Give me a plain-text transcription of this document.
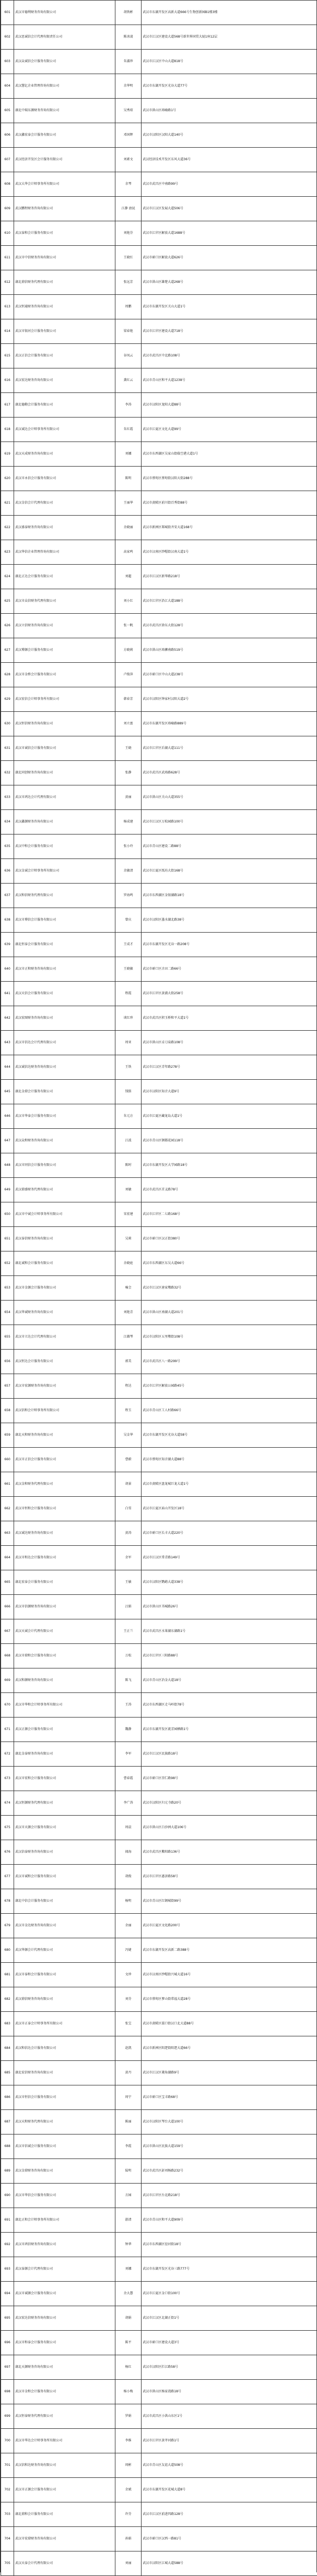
601	武汉市德利财务咨询有限公司	胡铁彬	武汉市东湖开发区高新大道666号生物创新园B1楼3楼
602	武汉思诚信会计代理有限责任公司	陈冰凌	武汉市江汉区建设大道568号新世界国贸大厦1座12层
603	武汉众诚信会计服务有限公司	朱淑珍	武汉市江汉区中山大道818号
604	武汉慧亿企业管理咨询有限公司	余华明	武汉市东湖开发区光谷大道77号
605	湖北中瑞东源财务咨询有限公司	吴秀琼	武汉市洪山区珞喻路1号
606	武汉鑫宏泰会计服务有限公司	邓国辉	武汉市汉阳区汉阳大道140号
607	武汉经济开发区会计服务有限公司	刘素文	武汉经济技术开发区东风大道36号
608	武汉大华会计师事务所有限公司	余琴	武汉市武昌区中南路99号
609	武汉鹏程财务咨询有限公司	江静 唐昆	武汉市江汉区发展大道506号
610	武汉泰和会计服务有限公司	刘艳芬	武汉市江岸区解放大道1688号
611	武汉市中信财务咨询有限公司	王晓红	武汉市硚口区解放大道626号
612	湖北鼎信财务代理有限公司	张远芳	武汉市洪山区雄楚大道268号
613	武汉恒通财务咨询有限公司	周鹏	武汉市东湖开发区关山大道1号
614	武汉市银河会计服务有限公司	梁春艳	武汉市江岸区建设大道718号
615	武汉正信会计服务有限公司	谷凤云	武汉市武昌区中北路108号
616	武汉宏达财务咨询有限公司	龚红云	武汉市青山区和平大道1238号
617	湖北德勤会计服务有限公司	李涛	武汉市汉阳区龙阳大道88号
618	武汉诚达会计师事务所有限公司	朱红霞	武汉市江夏区文化大道99号
619	武汉天成财务咨询有限公司	刘娜	武汉市东西湖区吴家山街临空港大道1号
620	武汉市永信会计服务有限公司	陈明	武汉市蔡甸区蔡甸街汉阳大街288号
621	武汉金信会计代理有限公司	王丽华	武汉市黄陂区前川街百秀街88号
622	武汉盛泰财务咨询有限公司	余晓丽	武汉市新洲区邾城街齐安大道168号
623	武汉华信企业管理咨询有限公司	高家鸣	武汉市汉南区纱帽街汉南大道1号
624	湖北正达会计服务有限公司	刘超	武汉市江汉区新华路218号
625	武汉市众信财务代理有限公司	刘小红	武汉市江岸区沿江大道188号
626	武汉立信财务咨询有限公司	张一帆	武汉市武昌区徐东大街128号
627	武汉博源会计服务有限公司	方晓莉	武汉市洪山区珞狮南路519号
628	武汉市金桥会计服务有限公司	卢俊萍	武汉市硚口区中山大道238号
629	武汉宏信会计师事务所有限公司	韩春芳	武汉市汉阳区钟家村汉阳大道2号
630	武汉恒信财务咨询有限公司	刘立富	武汉市东湖开发区珞喻路889号
631	武汉市诚信会计服务有限公司	王晓	武汉市江岸区后湖大道111号
632	湖北同创财务咨询有限公司	张静	武汉市武昌区武珞路628号
633	武汉市鸿达会计代理有限公司	黄丽	武汉市洪山区关山大道355号
634	武汉鑫源财务咨询有限公司	杨成建	武汉市江汉区万松园路100号
635	武汉中和会计服务有限公司	张小玲	武汉市青山区建设二路88号
636	武汉金诚会计师事务所有限公司	余敏清	武汉市江夏区纸坊大街168号
637	武汉和信财务代理有限公司	罗海鸣	武汉市东西湖区金银湖路18号
638	武汉市博信会计服务有限公司	曾庆	武汉市汉阳区墨水湖北路38号
639	湖北恒泰会计服务有限公司	王成才	武汉市东湖开发区光谷一路208号
640	武汉市正和财务咨询有限公司	王晓敏	武汉市硚口区古田二路66号
641	武汉天信会计服务有限公司	程霞	武汉市江岸区黄浦大街258号
642	武汉宏图财务咨询有限公司	谈红珍	武汉市武昌区积玉桥和平大道1号
643	武汉市信达会计代理有限公司	周亚	武汉市洪山区卓刀泉路108号
644	武汉诚信达财务咨询有限公司	王铁	武汉市江汉区青年路278号
645	湖北金鼎会计服务有限公司	钱铭	武汉市汉阳区知音大道9号
646	武汉市华泰会计服务有限公司	朱元方	武汉市江夏区藏龙岛大道1号
647	武汉众和财务咨询有限公司	江波	武汉市青山区钢都花园118号
648	武汉市同信会计服务有限公司	陈时	武汉市东湖开发区大学园路18号
649	武汉鼎盛财务代理有限公司	刘敏	武汉市武昌区首义路78号
650	武汉市中诚会计师事务所有限公司	宋宏建	武汉市江岸区二七路168号
651	武汉泰信财务咨询有限公司	吴莉	武汉市硚口区汉正街380号
652	湖北诚和会计服务有限公司	余晓庭	武汉市东西湖区东吴大道66号
653	武汉市金源会计服务有限公司	喻会	武汉市江汉区唐家墩路32号
654	武汉华诚财务咨询有限公司	刘艳青	武汉市洪山区南湖大道201号
655	武汉市立达会计代理有限公司	江薇琴	武汉市汉阳区五里墩街108号
656	武汉恒达会计服务有限公司	郭美	武汉市武昌区八一路299号
657	武汉市宏源财务咨询有限公司	程达	武汉市江岸区解放公园路45号
658	武汉信和会计师事务所有限公司	程玉	武汉市青山区工人村路66号
659	湖北天和财务咨询有限公司	吴金华	武汉市东湖开发区光谷大道58号
660	武汉市正信会计服务有限公司	曹蔚	武汉市蔡甸区知音湖大道88号
661	武汉金和财务代理有限公司	胡景	武汉市黄陂区盘龙城巨龙大道1号
662	武汉市恒和会计服务有限公司	白雪	武汉市江夏区庙山开发区18号
663	武汉诚达财务咨询有限公司	黄涛	武汉市硚口区长丰大道220号
664	武汉市和达会计服务有限公司	余军	武汉市江汉区常青路149号
665	湖北宏泰会计服务有限公司	王敏	武汉市汉阳区鹦鹉大道338号
666	武汉市信源财务咨询有限公司	汪娟	武汉市洪山区书城路26号
667	武汉天诚会计代理有限公司	王正兰	武汉市武昌区水果湖东湖路1号
668	武汉市鼎和会计服务有限公司	万松	武汉市江岸区三阳路88号
669	武汉和源财务咨询有限公司	陈飞	武汉市青山区冶金大道18号
670	武汉市华和会计师事务所有限公司	王涛	武汉市东西湖区走马岭街78号
671	武汉正源会计服务有限公司	魏静	武汉市东湖开发区流芳园横路1号
672	湖北金泰财务咨询有限公司	李军	武汉市江汉区民族路18号
673	武汉市宏和会计服务有限公司	曹春霞	武汉市硚口区崇仁路98号
674	武汉恒源财务代理有限公司	李广涛	武汉市汉阳区归元寺路20号
675	武汉市天源会计服务有限公司	周晨	武汉市洪山区白沙洲大道106号
676	武汉信泰财务咨询有限公司	闻海	武汉市武昌区紫阳路136号
677	武汉市诚和会计服务有限公司	胡俊	武汉市江岸区惠济路58号
678	湖北中信会计服务有限公司	杨明	武汉市青山区红钢城街99号
679	武汉市金达财务咨询有限公司	余丽	武汉市江夏区文化路200号
680	武汉华源会计代理有限公司	冯婕	武汉市东湖开发区高新二路388号
681	武汉市泰和会计服务有限公司	文珍	武汉市汉南区纱帽街兴城大道16号
682	武汉鼎信财务咨询有限公司	刘芬	武汉市蔡甸区奓山街常福大道28号
683	武汉市正泰会计师事务所有限公司	张宝	武汉市黄陂区滠口街汉口北大道88号
684	武汉和信达会计服务有限公司	赵凯	武汉市新洲区阳逻街阳逻大道66号
685	湖北宏信财务咨询有限公司	黄丹	武汉市江汉区菱角湖路9号
686	武汉市恒信会计服务有限公司	周宁	武汉市硚口区宝丰路68号
687	武汉天和财务代理有限公司	陈丽	武汉市汉阳区琴台大道100号
688	武汉市信诚会计服务有限公司	李霞	武汉市洪山区民族大道159号
689	武汉金鼎财务咨询有限公司	陆明	武汉市武昌区彭刘杨路232号
690	武汉市华信会计服务有限公司	方园	武汉市江岸区台北路218号
691	湖北正和会计师事务所有限公司	游清	武汉市青山区和平大道909号
692	武汉市鸿信财务咨询有限公司	钟华	武汉市东西湖区径河街18号
693	武汉泰源会计代理有限公司	刘娜	武汉市东湖开发区光谷三路777号
694	武汉市诚源会计服务有限公司	余大慧	武汉市江夏区金口街100号
695	武汉宏达信财务咨询有限公司	胡娟	武汉市江汉区北湖正街1号
696	武汉市和泰会计服务有限公司	陈平	武汉市硚口区建设大道3号
697	湖北天源财务咨询有限公司	杨红	武汉市汉阳区拦江路58号
698	武汉市金和会计服务有限公司	杨小梅	武汉市洪山区杨家湾路18号
699	武汉恒泰财务代理有限公司	罗娟	武汉市武昌区小洪山东区1号
700	武汉市华达会计师事务所有限公司	李维	武汉市江岸区黄孝河路1号
701	武汉信和达财务咨询有限公司	周彬	武汉市青山区友谊大道508号
702	武汉市正源会计服务有限公司	余斌	武汉市东湖开发区花城大道8号
703	湖北鼎和会计服务有限公司	许芬	武汉市江汉区前进四路128号
704	武汉市宏鼎财务咨询有限公司	孙娟	武汉市硚口区汉西一路81号
705	武汉天泰会计代理有限公司	刘丽	武汉市汉阳区江城大道588号
